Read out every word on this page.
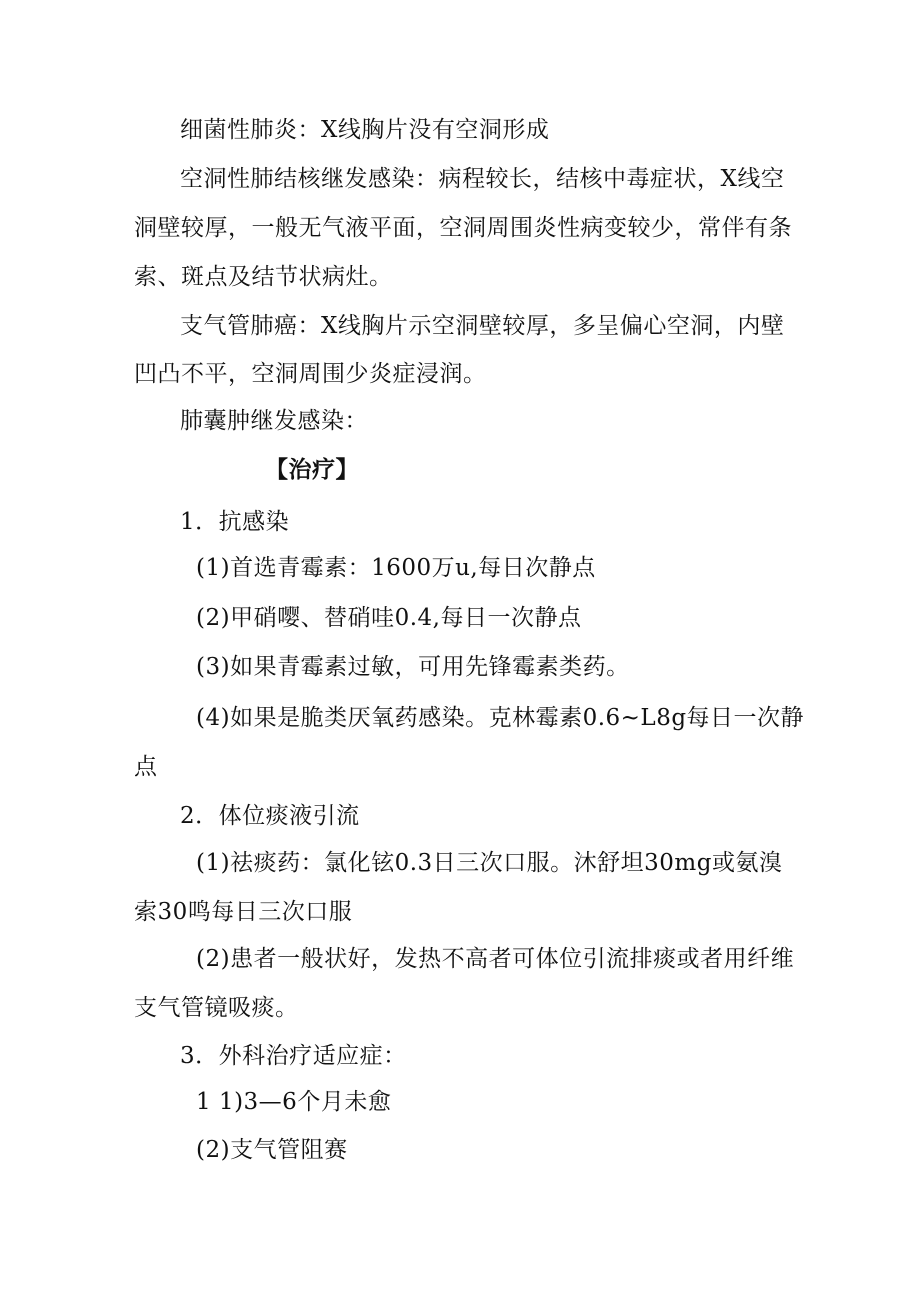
细菌性肺炎：X线胸片没有空洞形成
空洞性肺结核继发感染：病程较长，结核中毒症状，X线空
洞壁较厚，一般无气液平面，空洞周围炎性病变较少，常伴有条
索、斑点及结节状病灶。
支气管肺癌：X线胸片示空洞壁较厚，多呈偏心空洞，内壁
凹凸不平，空洞周围少炎症浸润。
肺囊肿继发感染：
【治疗】
1．抗感染
(1)首选青霉素：1600万u,每日次静点
(2)甲硝嘤、替硝哇0.4,每日一次静点
(3)如果青霉素过敏，可用先锋霉素类药。
(4)如果是脆类厌氧药感染。克林霉素0.6~L8g每日一次静
点
2．体位痰液引流
(1)祛痰药：氯化铉0.3日三次口服。沐舒坦30mg或氨溴
索30鸣每日三次口服
(2)患者一般状好，发热不高者可体位引流排痰或者用纤维
支气管镜吸痰。
3．外科治疗适应症：
1 1)3—6个月未愈
(2)支气管阻赛
